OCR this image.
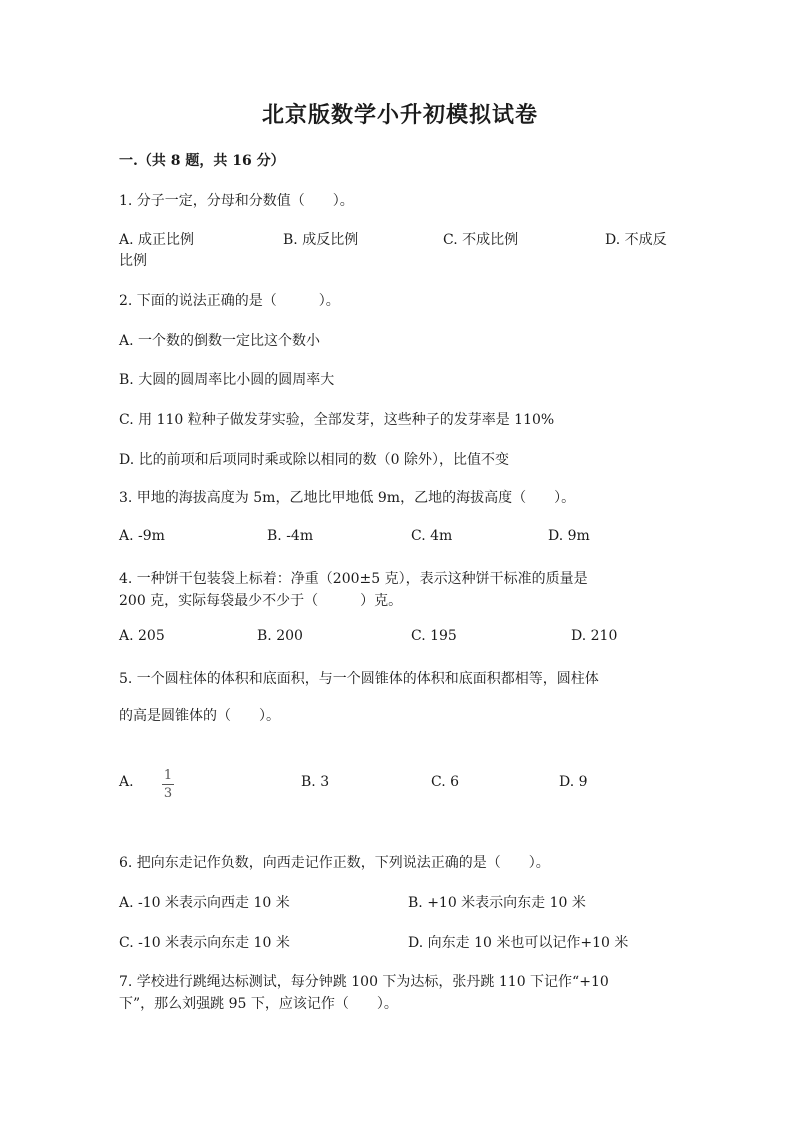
北京版数学小升初模拟试卷
一.（共 8 题，共 16 分）
1. 分子一定，分母和分数值（　　）。
A. 成正比例	B. 成反比例	C. 不成比例	D. 不成反
比例
2. 下面的说法正确的是（　　　）。
A. 一个数的倒数一定比这个数小
B. 大圆的圆周率比小圆的圆周率大
C. 用 110 粒种子做发芽实验，全部发芽，这些种子的发芽率是 110%
D. 比的前项和后项同时乘或除以相同的数（0 除外），比值不变
3. 甲地的海拔高度为 5m，乙地比甲地低 9m，乙地的海拔高度（　　）。
A. -9m	B. -4m	C. 4m	D. 9m
4. 一种饼干包装袋上标着：净重（200±5 克），表示这种饼干标准的质量是
200 克，实际每袋最少不少于（　　　）克。
A. 205	B. 200	C. 195	D. 210
5. 一个圆柱体的体积和底面积，与一个圆锥体的体积和底面积都相等，圆柱体
的高是圆锥体的（　　）。
A. 1
3
B. 3	C. 6	D. 9
6. 把向东走记作负数，向西走记作正数，下列说法正确的是（　　）。
A. -10 米表示向西走 10 米	B. +10 米表示向东走 10 米
C. -10 米表示向东走 10 米	D. 向东走 10 米也可以记作+10 米
7. 学校进行跳绳达标测试，每分钟跳 100 下为达标，张丹跳 110 下记作“+10
下”，那么刘强跳 95 下，应该记作（　　）。
